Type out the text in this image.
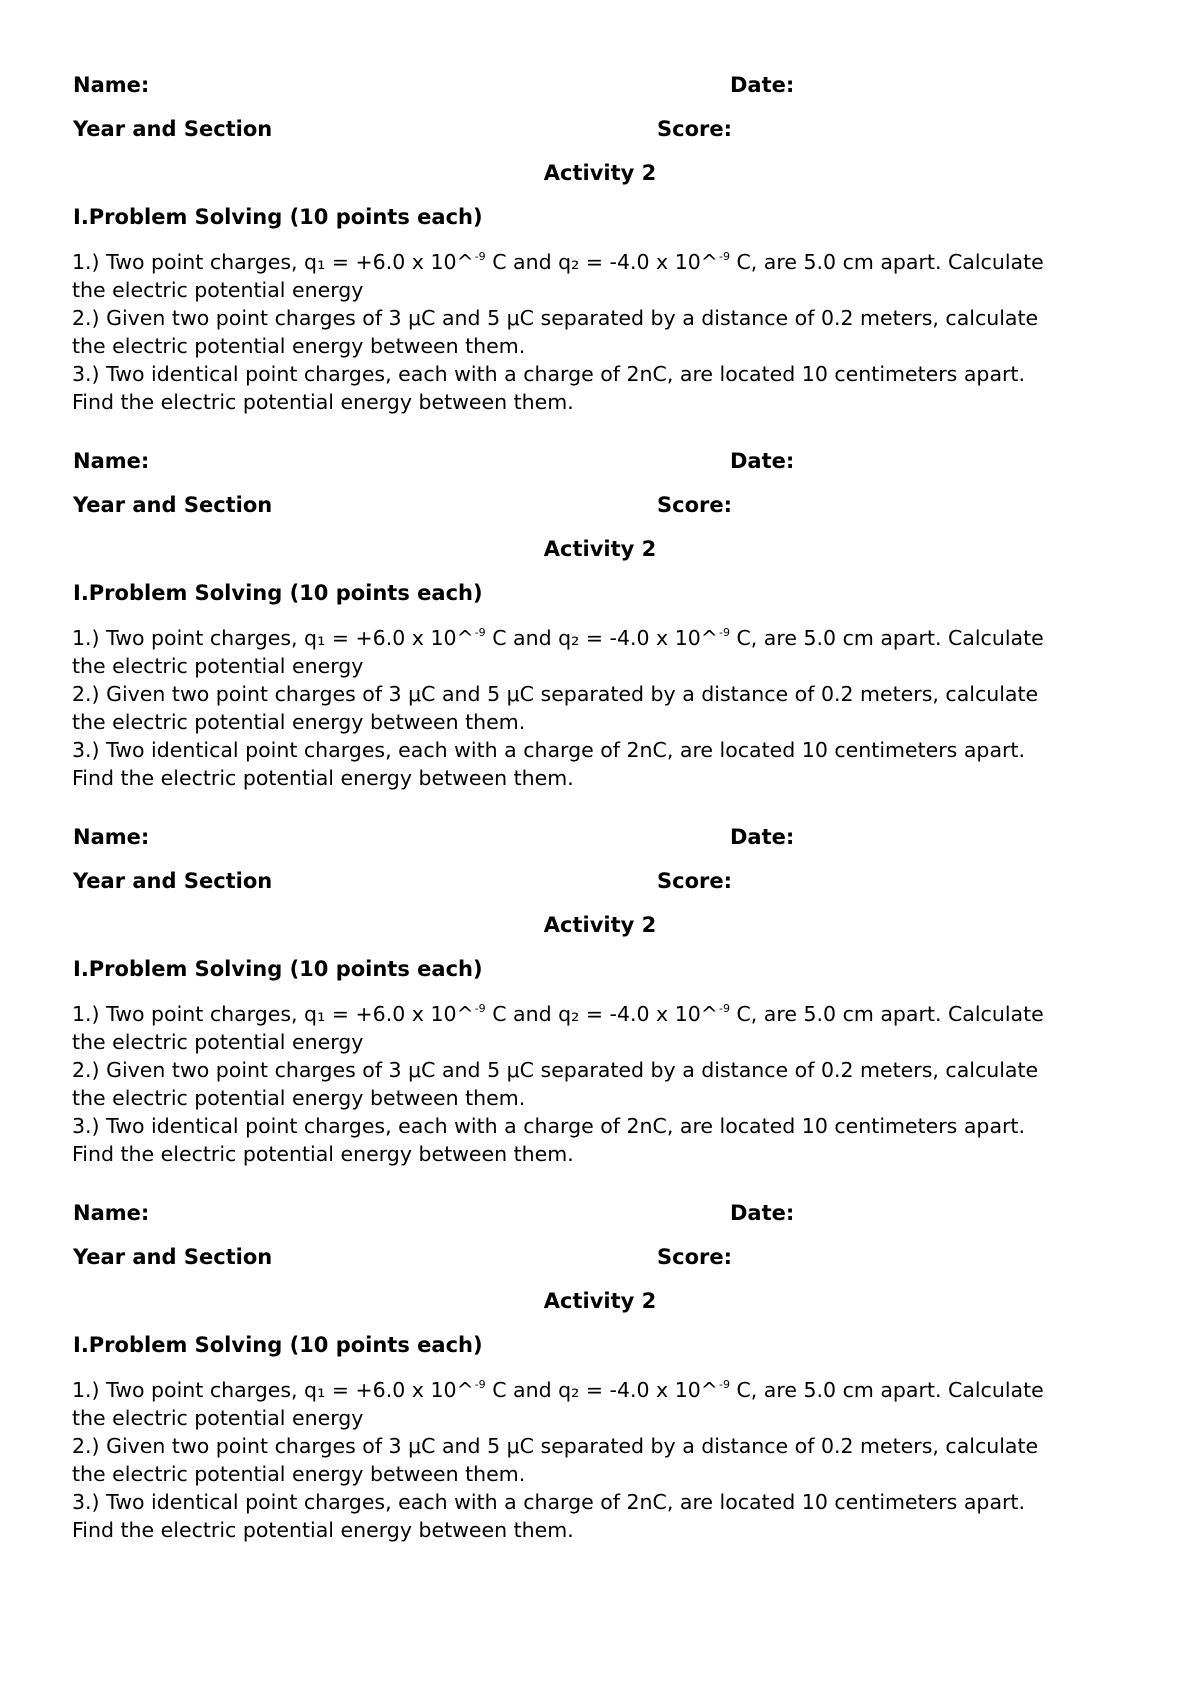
Name:	Date:
Year and Section	Score:
Activity 2
I.Problem Solving (10 points each)
1.) Two point charges, q₁ = +6.0 x 10^$^{-9}$ C and q₂ = -4.0 x 10^$^{-9}$ C, are 5.0 cm apart. Calculate
the electric potential energy
2.) Given two point charges of 3 μC and 5 μC separated by a distance of 0.2 meters, calculate
the electric potential energy between them.
3.) Two identical point charges, each with a charge of 2nC, are located 10 centimeters apart.
Find the electric potential energy between them.
Name:	Date:
Year and Section	Score:
Activity 2
I.Problem Solving (10 points each)
1.) Two point charges, q₁ = +6.0 x 10^$^{-9}$ C and q₂ = -4.0 x 10^$^{-9}$ C, are 5.0 cm apart. Calculate
the electric potential energy
2.) Given two point charges of 3 μC and 5 μC separated by a distance of 0.2 meters, calculate
the electric potential energy between them.
3.) Two identical point charges, each with a charge of 2nC, are located 10 centimeters apart.
Find the electric potential energy between them.
Name:	Date:
Year and Section	Score:
Activity 2
I.Problem Solving (10 points each)
1.) Two point charges, q₁ = +6.0 x 10^$^{-9}$ C and q₂ = -4.0 x 10^$^{-9}$ C, are 5.0 cm apart. Calculate
the electric potential energy
2.) Given two point charges of 3 μC and 5 μC separated by a distance of 0.2 meters, calculate
the electric potential energy between them.
3.) Two identical point charges, each with a charge of 2nC, are located 10 centimeters apart.
Find the electric potential energy between them.
Name:	Date:
Year and Section	Score:
Activity 2
I.Problem Solving (10 points each)
1.) Two point charges, q₁ = +6.0 x 10^$^{-9}$ C and q₂ = -4.0 x 10^$^{-9}$ C, are 5.0 cm apart. Calculate
the electric potential energy
2.) Given two point charges of 3 μC and 5 μC separated by a distance of 0.2 meters, calculate
the electric potential energy between them.
3.) Two identical point charges, each with a charge of 2nC, are located 10 centimeters apart.
Find the electric potential energy between them.
